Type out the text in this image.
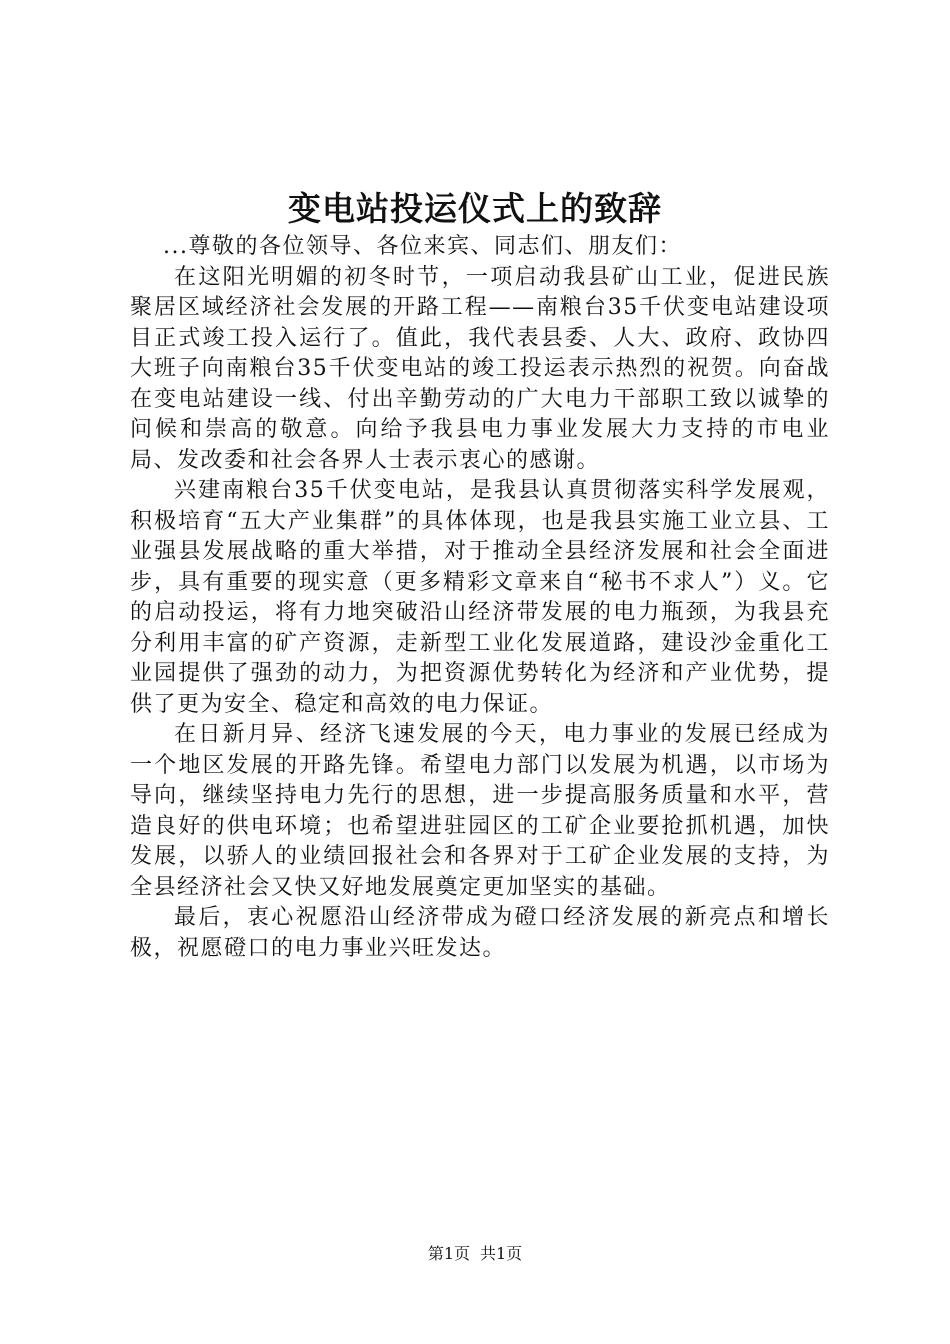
变电站投运仪式上的致辞

...尊敬的各位领导、各位来宾、同志们、朋友们：

在这阳光明媚的初冬时节，一项启动我县矿山工业，促进民族聚居区域经济社会发展的开路工程——南粮台35千伏变电站建设项目正式竣工投入运行了。值此，我代表县委、人大、政府、政协四大班子向南粮台35千伏变电站的竣工投运表示热烈的祝贺。向奋战在变电站建设一线、付出辛勤劳动的广大电力干部职工致以诚挚的问候和崇高的敬意。向给予我县电力事业发展大力支持的市电业局、发改委和社会各界人士表示衷心的感谢。

兴建南粮台35千伏变电站，是我县认真贯彻落实科学发展观，积极培育“五大产业集群”的具体体现，也是我县实施工业立县、工业强县发展战略的重大举措，对于推动全县经济发展和社会全面进步，具有重要的现实意（更多精彩文章来自“秘书不求人”）义。它的启动投运，将有力地突破沿山经济带发展的电力瓶颈，为我县充分利用丰富的矿产资源，走新型工业化发展道路，建设沙金重化工业园提供了强劲的动力，为把资源优势转化为经济和产业优势，提供了更为安全、稳定和高效的电力保证。

在日新月异、经济飞速发展的今天，电力事业的发展已经成为一个地区发展的开路先锋。希望电力部门以发展为机遇，以市场为导向，继续坚持电力先行的思想，进一步提高服务质量和水平，营造良好的供电环境；也希望进驻园区的工矿企业要抢抓机遇，加快发展，以骄人的业绩回报社会和各界对于工矿企业发展的支持，为全县经济社会又快又好地发展奠定更加坚实的基础。

最后，衷心祝愿沿山经济带成为磴口经济发展的新亮点和增长极，祝愿磴口的电力事业兴旺发达。

第1页 共1页
